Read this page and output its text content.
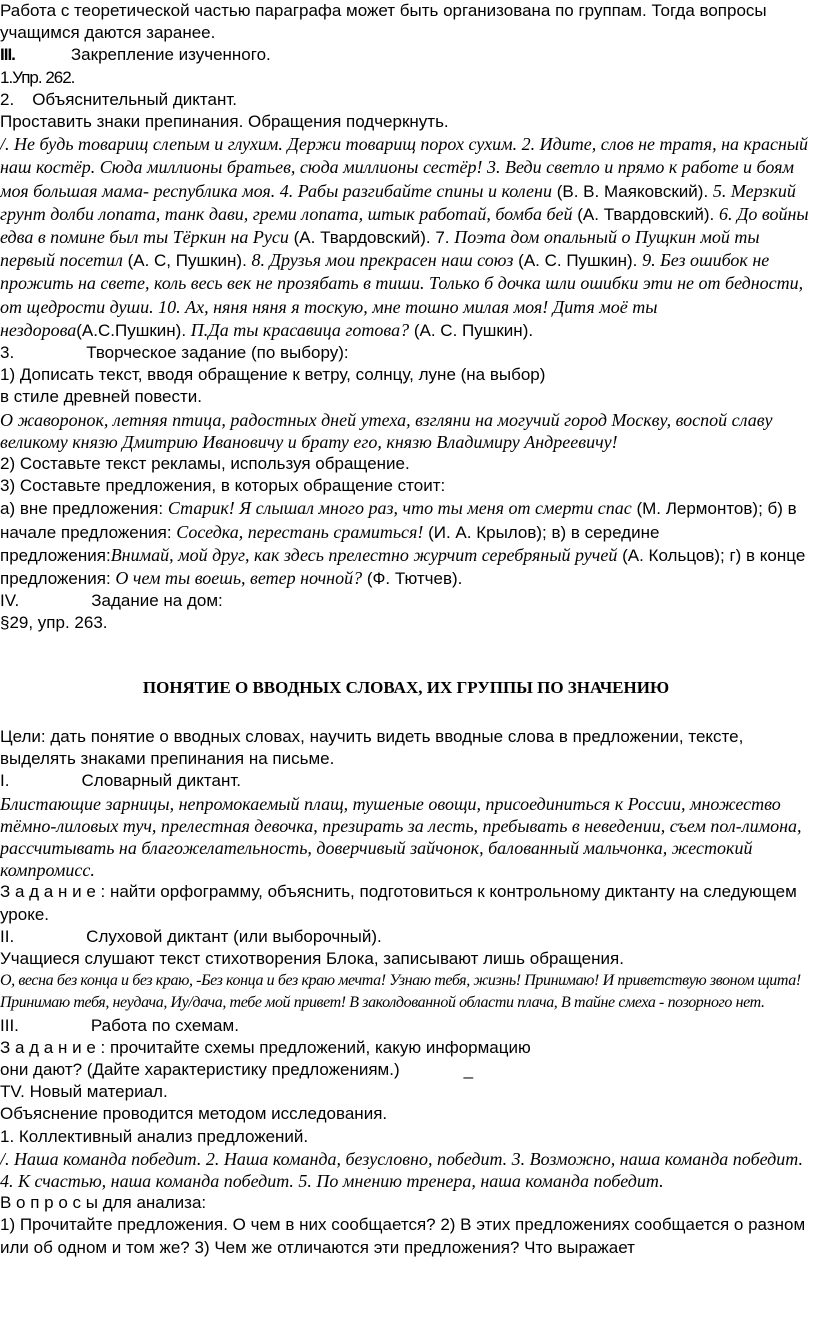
Работа с теоретической частью параграфа может быть организована по группам. Тогда вопросы учащимся даются заранее.

III.	Закрепление изученного.

1.Упр. 262.

2. Объяснительный диктант.

Проставить знаки препинания. Обращения подчеркнуть.

/. Не будь товарищ слепым и глухим. Держи товарищ порох сухим. 2. Идите, слов не тратя, на красный наш костёр. Сюда миллионы братьев, сюда миллионы сестёр! 3. Веди светло и прямо к работе и боям моя большая мама- республика моя. 4. Рабы разгибайте спины и колени (В. В. Маяковский). 5. Мерзкий грунт долби лопата, танк дави, греми лопата, штык работай, бомба бей (А. Твардовский). 6. До войны едва в помине был ты Тёркин на Руси (А. Твардовский). 7. Поэта дом опальный о Пущкин мой ты первый посетил (А. С, Пушкин). 8. Друзья мои прекрасен наш союз (А. С. Пушкин). 9. Без ошибок не прожить на свете, коль весь век не прозябать в тиши. Только б дочка шли ошибки эти не от бедности, от щедрости души. 10. Ах, няня няня я тоскую, мне тошно милая моя! Дитя моё ты нездорова(А.С.Пушкин). П.Да ты красавица готова? (А. С. Пушкин).

3.	Творческое задание (по выбору):

1) Дописать текст, вводя обращение к ветру, солнцу, луне (на выбор)

в стиле древней повести.

О жаворонок, летняя птица, радостных дней утеха, взгляни на могучий город Москву, воспой славу великому князю Дмитрию Ивановичу и брату его, князю Владимиру Андреевичу!

2) Составьте текст рекламы, используя обращение.

3) Составьте предложения, в которых обращение стоит:

а) вне предложения: Старик! Я слышал много раз, что ты меня от смерти спас (М. Лермонтов); б) в начале предложения: Соседка, перестань срамиться! (И. А. Крылов); в) в середине предложения:Внимай, мой друг, как здесь прелестно журчит серебряный ручей (А. Кольцов); г) в конце предложения: О чем ты воешь, ветер ночной? (Ф. Тютчев).

IV.	Задание на дом:

§29, упр. 263.

ПОНЯТИЕ О ВВОДНЫХ СЛОВАХ, ИХ ГРУППЫ ПО ЗНАЧЕНИЮ

Цели: дать понятие о вводных словах, научить видеть вводные слова в предложении, тексте, выделять знаками препинания на письме.

I.	Словарный диктант.

Блистающие зарницы, непромокаемый плащ, тушеные овощи, присоединиться к России, множество тёмно-лиловых туч, прелестная девочка, презирать за лесть, пребывать в неведении, съем пол-лимона, рассчитывать на благожелательность, доверчивый зайчонок, балованный мальчонка, жестокий компромисс.

З а д а н и е : найти орфограмму, объяснить, подготовиться к контрольному диктанту на следующем уроке.

II.	Слуховой диктант (или выборочный).

Учащиеся слушают текст стихотворения Блока, записывают лишь обращения.

О, весна без конца и без краю, -Без конца и без краю мечта! Узнаю тебя, жизнь! Принимаю! И приветствую звоном щита!

Принимаю тебя, неудача, Иу/дача, тебе мой привет! В заколдованной области плача, В тайне смеха - позорного нет.

III.	Работа по схемам.

З а д а н и е : прочитайте схемы предложений, какую информацию

они дают? (Дайте характеристику предложениям.)	_

TV. Новый материал.

Объяснение проводится методом исследования.

1. Коллективный анализ предложений.

/. Наша команда победит. 2. Наша команда, безусловно, победит. 3. Возможно, наша команда победит. 4. К счастью, наша команда победит. 5. По мнению тренера, наша команда победит.

В о п р о с ы для анализа:

1) Прочитайте предложения. О чем в них сообщается? 2) В этих предложениях сообщается о разном или об одном и том же? 3) Чем же отличаются эти предложения? Что выражает
